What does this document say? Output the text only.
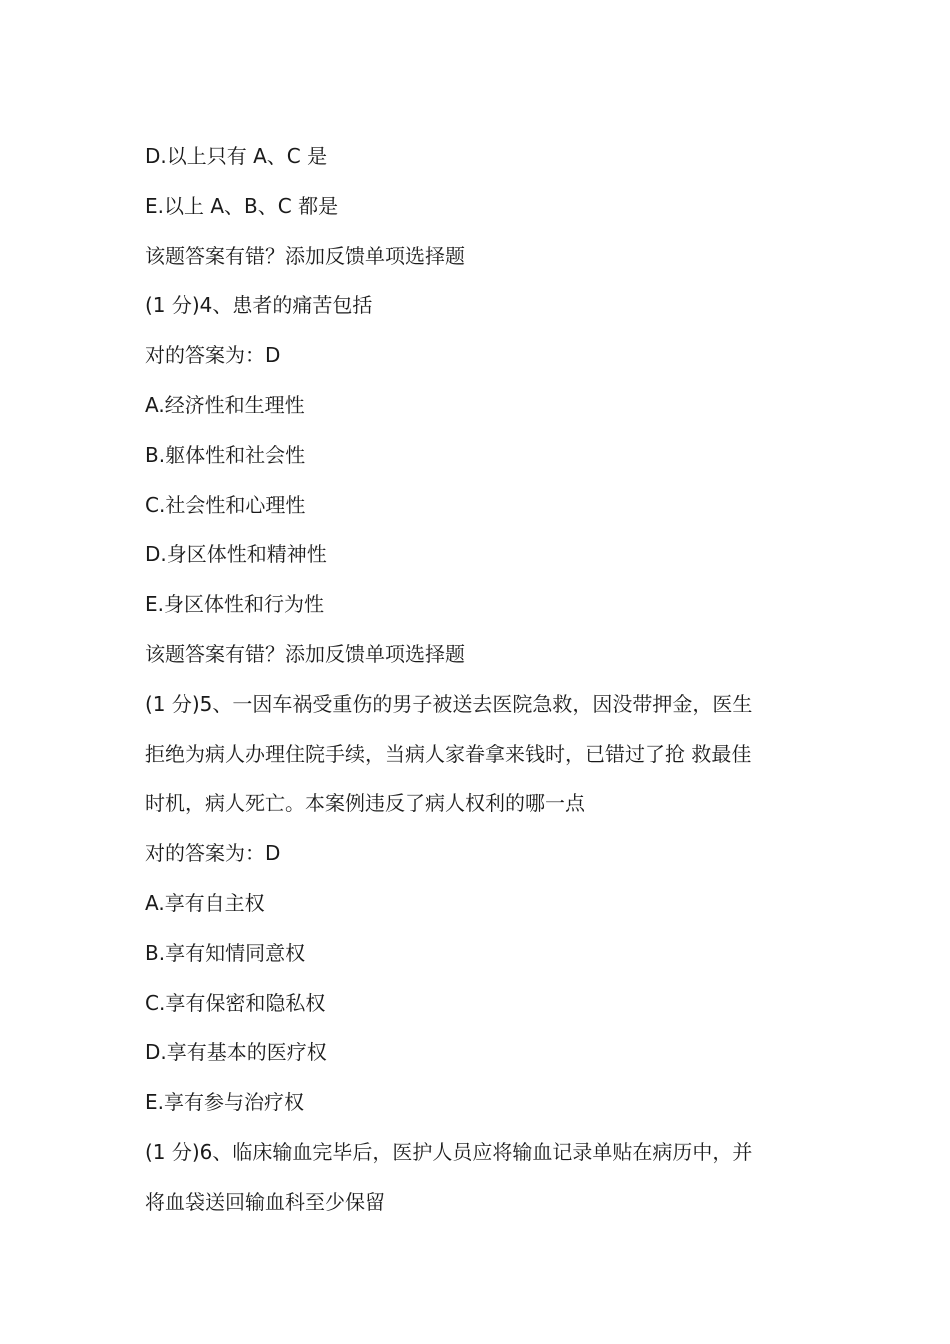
D.以上只有 A、C 是
E.以上 A、B、C 都是
该题答案有错？添加反馈单项选择题
(1 分)4、患者的痛苦包括
对的答案为：D
A.经济性和生理性
B.躯体性和社会性
C.社会性和心理性
D.身区体性和精神性
E.身区体性和行为性
该题答案有错？添加反馈单项选择题
(1 分)5、一因车祸受重伤的男子被送去医院急救，因没带押金，医生
拒绝为病人办理住院手续，当病人家眷拿来钱时，已错过了抢 救最佳
时机，病人死亡。本案例违反了病人权利的哪一点
对的答案为：D
A.享有自主权
B.享有知情同意权
C.享有保密和隐私权
D.享有基本的医疗权
E.享有参与治疗权
(1 分)6、临床输血完毕后，医护人员应将输血记录单贴在病历中，并
将血袋送回输血科至少保留
